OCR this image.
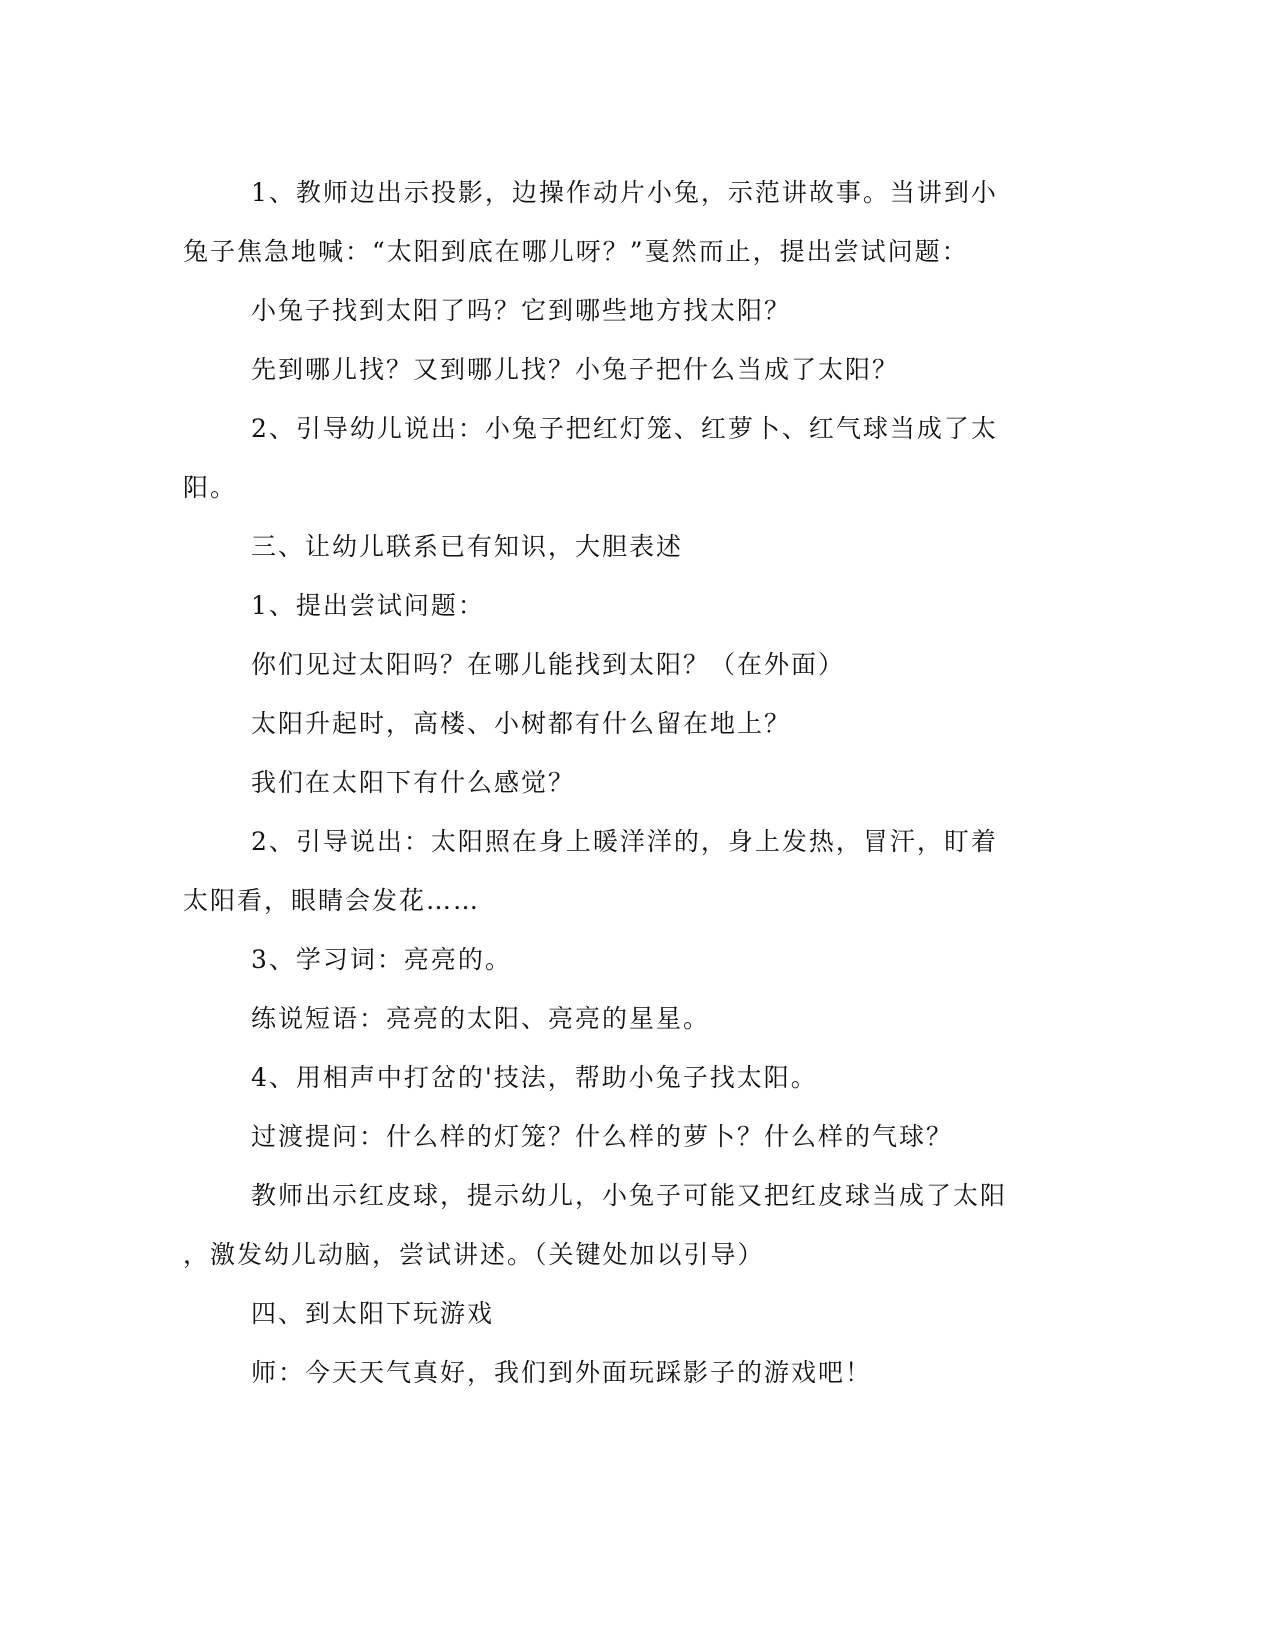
1、教师边出示投影，边操作动片小兔，示范讲故事。当讲到小
兔子焦急地喊：“太阳到底在哪儿呀？”戛然而止，提出尝试问题：
小兔子找到太阳了吗？它到哪些地方找太阳？
先到哪儿找？又到哪儿找？小兔子把什么当成了太阳？
2、引导幼儿说出：小兔子把红灯笼、红萝卜、红气球当成了太
阳。
三、让幼儿联系已有知识，大胆表述
1、提出尝试问题：
你们见过太阳吗？在哪儿能找到太阳？（在外面）
太阳升起时，高楼、小树都有什么留在地上？
我们在太阳下有什么感觉？
2、引导说出：太阳照在身上暖洋洋的，身上发热，冒汗，盯着
太阳看，眼睛会发花……
3、学习词：亮亮的。
练说短语：亮亮的太阳、亮亮的星星。
4、用相声中打岔的'技法，帮助小兔子找太阳。
过渡提问：什么样的灯笼？什么样的萝卜？什么样的气球？
教师出示红皮球，提示幼儿，小兔子可能又把红皮球当成了太阳
，激发幼儿动脑，尝试讲述。（关键处加以引导）
四、到太阳下玩游戏
师：今天天气真好，我们到外面玩踩影子的游戏吧！
